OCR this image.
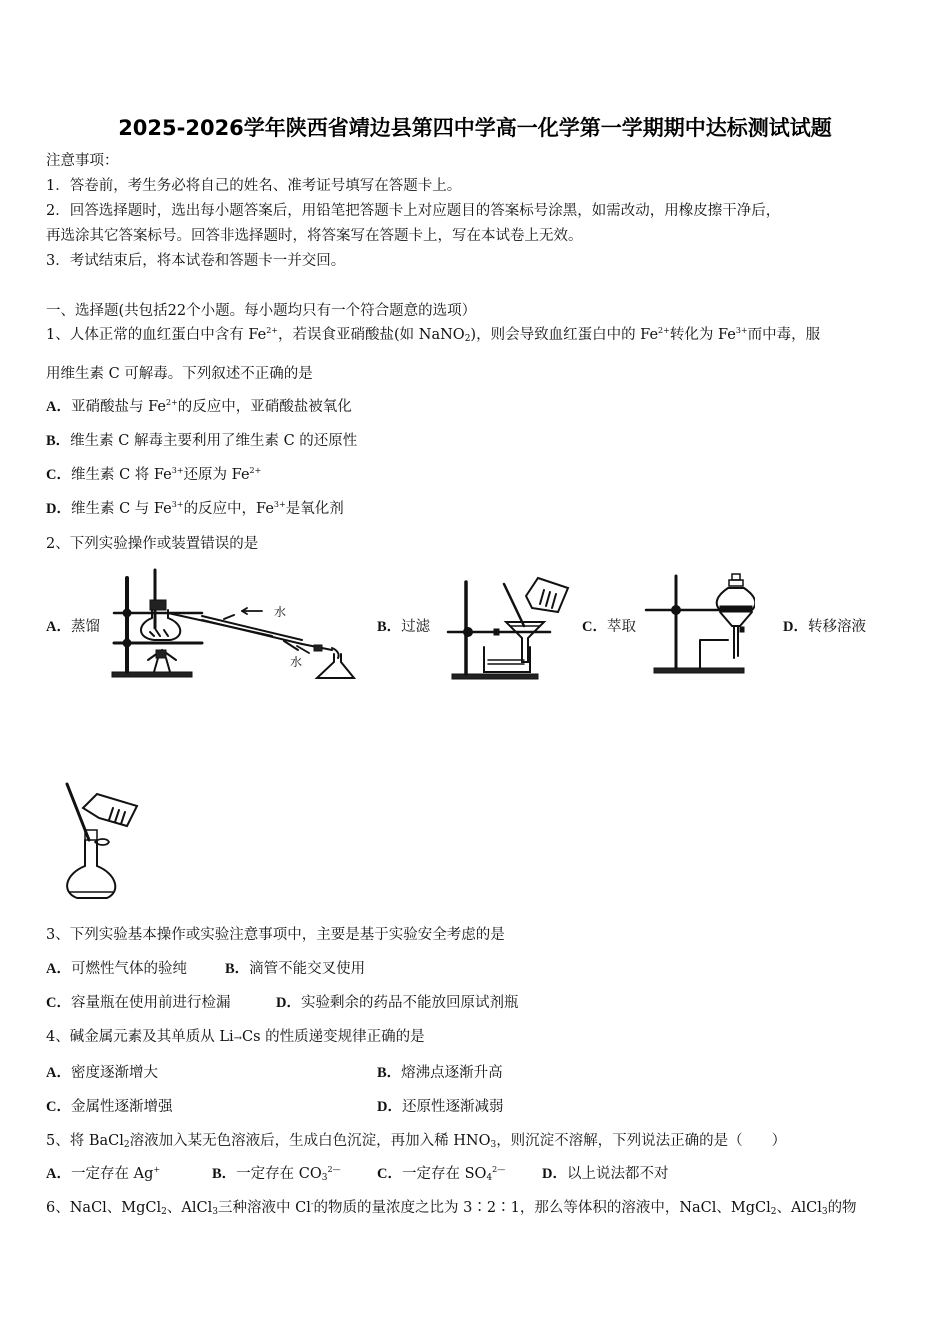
2025-2026学年陕西省靖边县第四中学高一化学第一学期期中达标测试试题
注意事项：
1．答卷前，考生务必将自己的姓名、准考证号填写在答题卡上。
2．回答选择题时，选出每小题答案后，用铅笔把答题卡上对应题目的答案标号涂黑，如需改动，用橡皮擦干净后，
再选涂其它答案标号。回答非选择题时，将答案写在答题卡上，写在本试卷上无效。
3．考试结束后，将本试卷和答题卡一并交回。
一、选择题(共包括22个小题。每小题均只有一个符合题意的选项）
1、人体正常的血红蛋白中含有 $Fe^{2+}$，若误食亚硝酸盐(如 NaNO$_2$)，则会导致血红蛋白中的 $Fe^{2+}$转化为 $Fe^{3+}$而中毒，服
用维生素 C 可解毒。下列叙述不正确的是
A．亚硝酸盐与 $Fe^{2+}$的反应中，亚硝酸盐被氧化
B．维生素 C 解毒主要利用了维生素 C 的还原性
C．维生素 C 将 $Fe^{3+}$还原为 $Fe^{2+}$
D．维生素 C 与 $Fe^{3+}$的反应中，$Fe^{3+}$是氧化剂
2、下列实验操作或装置错误的是
A．蒸馏	B．过滤	C．萃取	D．转移溶液
水
水
3、下列实验基本操作或实验注意事项中，主要是基于实验安全考虑的是
A．可燃性气体的验纯	B．滴管不能交叉使用
C．容量瓶在使用前进行检漏	D．实验剩余的药品不能放回原试剂瓶
4、碱金属元素及其单质从 Li→Cs 的性质递变规律正确的是
A．密度逐渐增大	B．熔沸点逐渐升高
C．金属性逐渐增强	D．还原性逐渐减弱
5、将 BaCl$_2$溶液加入某无色溶液后，生成白色沉淀，再加入稀 $HNO_3$，则沉淀不溶解，下列说法正确的是（　　）
A．一定存在 Ag+	B．一定存在 $CO_3^{2—}$	C．一定存在 $SO_4^{2—}$	D．以上说法都不对
6、NaCl、MgCl$_2$、AlCl$_3$三种溶液中 Cl-的物质的量浓度之比为 3∶2∶1，那么等体积的溶液中，NaCl、MgCl$_2$、AlCl$_3$的物
